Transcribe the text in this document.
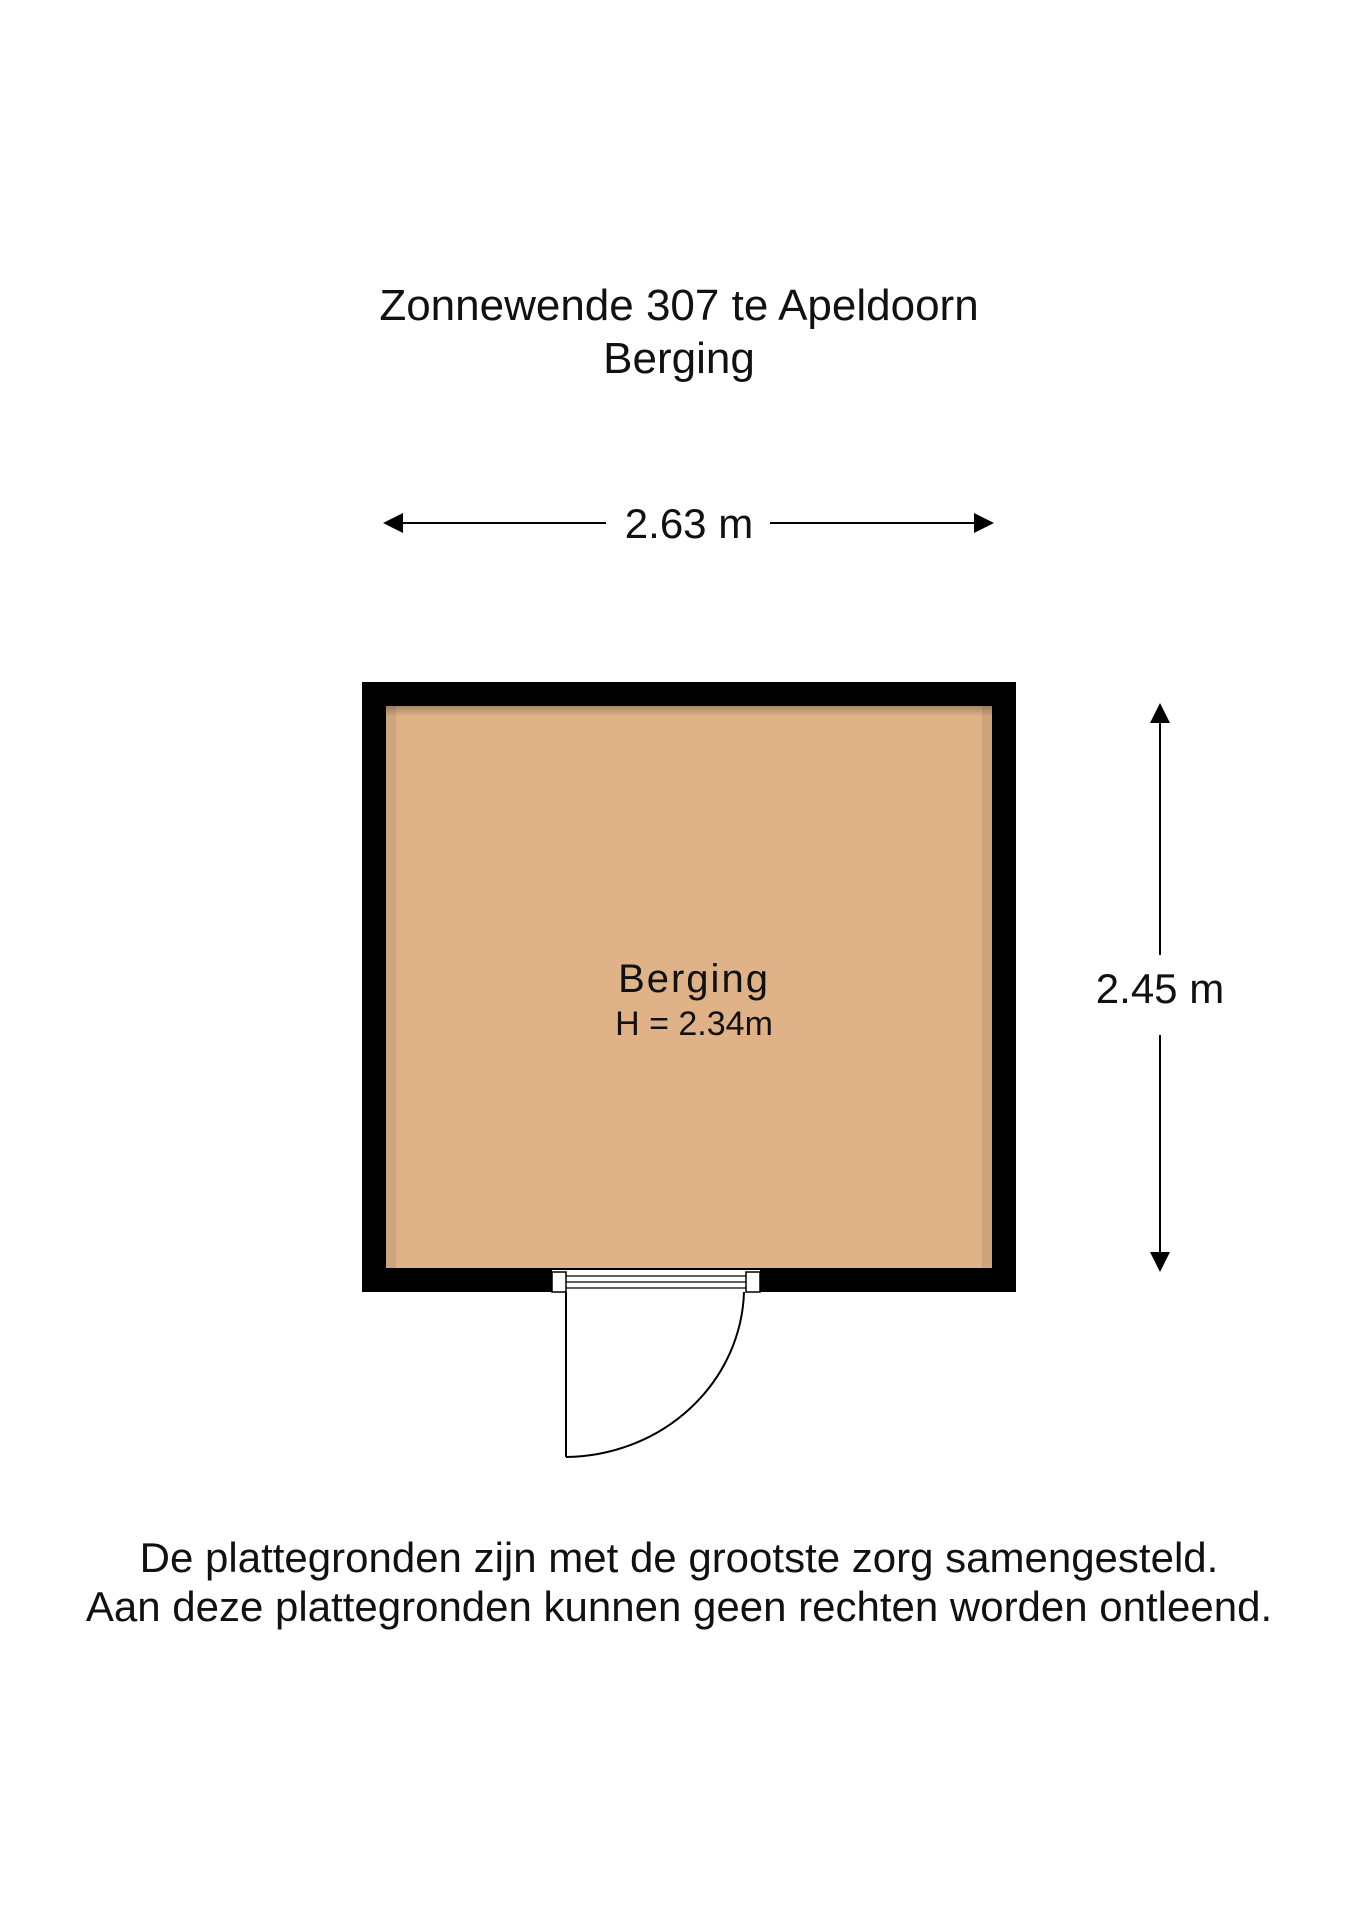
Zonnewende 307 te Apeldoorn
Berging
2.63 m
2.45 m
Berging
H = 2.34m
De plattegronden zijn met de grootste zorg samengesteld.
Aan deze plattegronden kunnen geen rechten worden ontleend.
